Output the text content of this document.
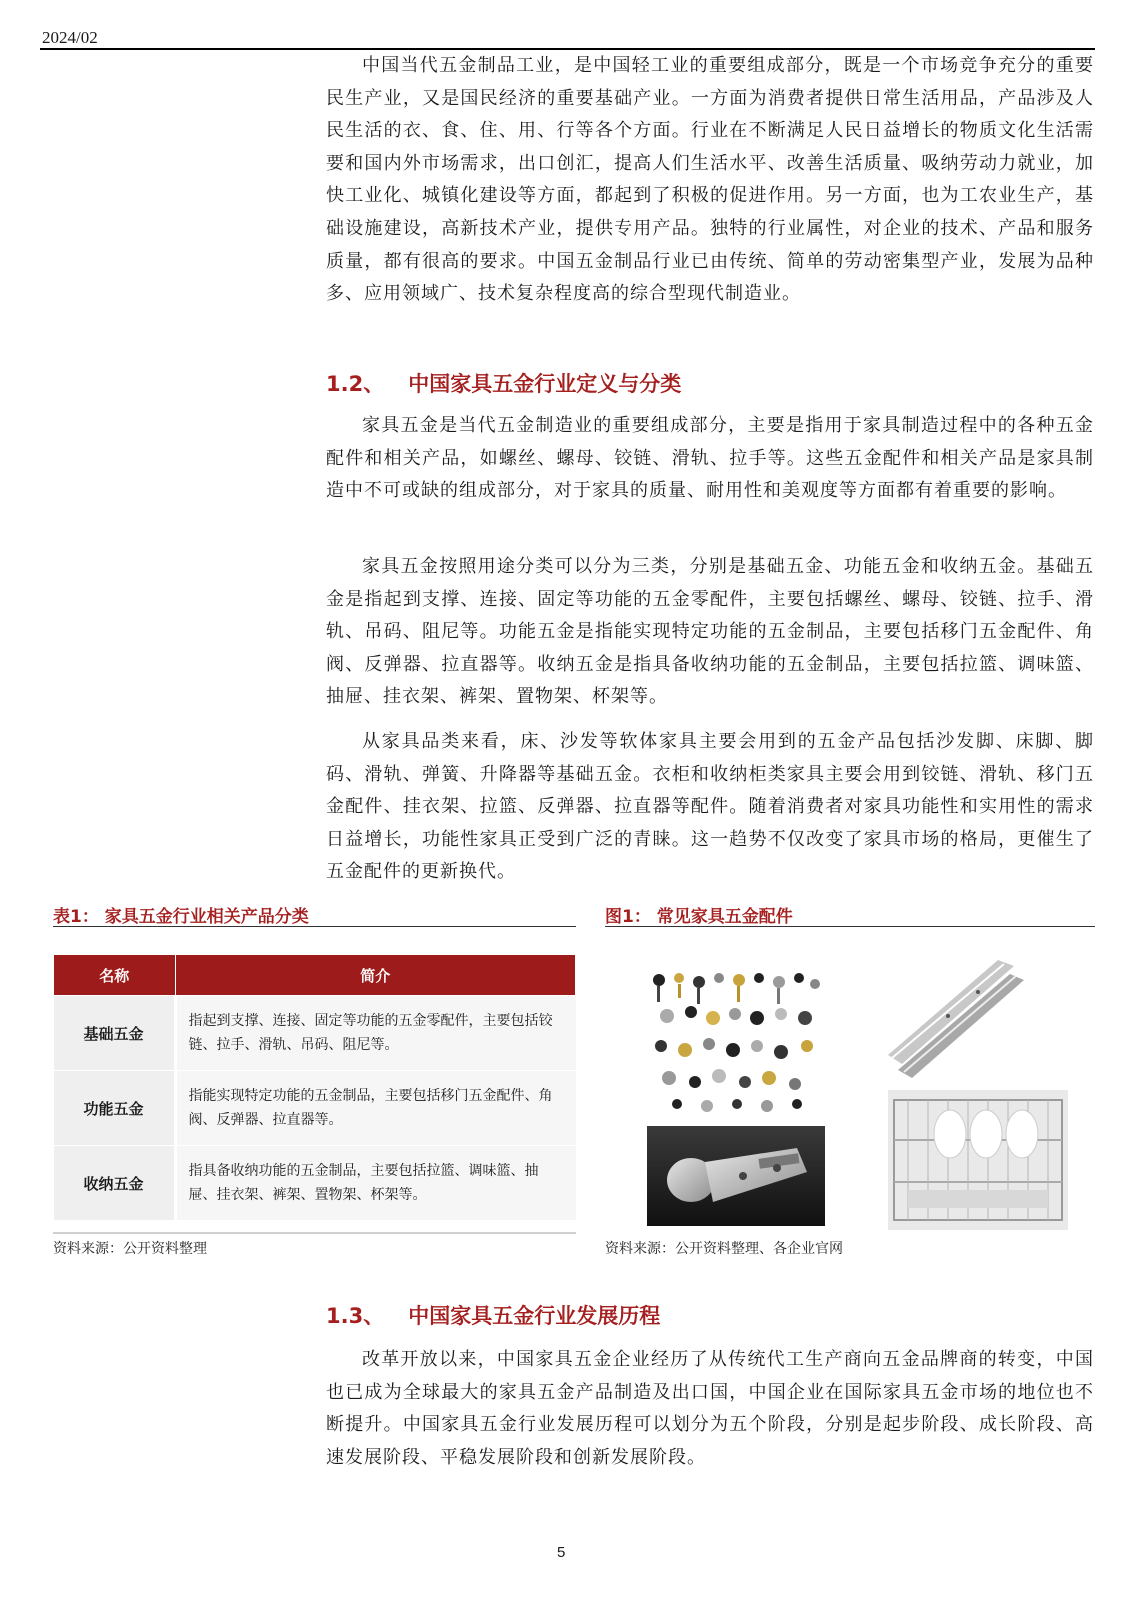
2024/02

中国当代五金制品工业，是中国轻工业的重要组成部分，既是一个市场竞争充分的重要民生产业，又是国民经济的重要基础产业。一方面为消费者提供日常生活用品，产品涉及人民生活的衣、食、住、用、行等各个方面。行业在不断满足人民日益增长的物质文化生活需要和国内外市场需求，出口创汇，提高人们生活水平、改善生活质量、吸纳劳动力就业，加快工业化、城镇化建设等方面，都起到了积极的促进作用。另一方面，也为工农业生产，基础设施建设，高新技术产业，提供专用产品。独特的行业属性，对企业的技术、产品和服务质量，都有很高的要求。中国五金制品行业已由传统、简单的劳动密集型产业，发展为品种多、应用领域广、技术复杂程度高的综合型现代制造业。

1.2、 中国家具五金行业定义与分类

家具五金是当代五金制造业的重要组成部分，主要是指用于家具制造过程中的各种五金配件和相关产品，如螺丝、螺母、铰链、滑轨、拉手等。这些五金配件和相关产品是家具制造中不可或缺的组成部分，对于家具的质量、耐用性和美观度等方面都有着重要的影响。

家具五金按照用途分类可以分为三类，分别是基础五金、功能五金和收纳五金。基础五金是指起到支撑、连接、固定等功能的五金零配件，主要包括螺丝、螺母、铰链、拉手、滑轨、吊码、阻尼等。功能五金是指能实现特定功能的五金制品，主要包括移门五金配件、角阀、反弹器、拉直器等。收纳五金是指具备收纳功能的五金制品，主要包括拉篮、调味篮、抽屉、挂衣架、裤架、置物架、杯架等。

从家具品类来看，床、沙发等软体家具主要会用到的五金产品包括沙发脚、床脚、脚码、滑轨、弹簧、升降器等基础五金。衣柜和收纳柜类家具主要会用到铰链、滑轨、移门五金配件、挂衣架、拉篮、反弹器、拉直器等配件。随着消费者对家具功能性和实用性的需求日益增长，功能性家具正受到广泛的青睐。这一趋势不仅改变了家具市场的格局，更催生了五金配件的更新换代。

表1： 家具五金行业相关产品分类
名称	简介
基础五金	指起到支撑、连接、固定等功能的五金零配件，主要包括铰链、拉手、滑轨、吊码、阻尼等。
功能五金	指能实现特定功能的五金制品，主要包括移门五金配件、角阀、反弹器、拉直器等。
收纳五金	指具备收纳功能的五金制品，主要包括拉篮、调味篮、抽屉、挂衣架、裤架、置物架、杯架等。
资料来源：公开资料整理
图1： 常见家具五金配件
资料来源：公开资料整理、各企业官网
1.3、 中国家具五金行业发展历程

改革开放以来，中国家具五金企业经历了从传统代工生产商向五金品牌商的转变，中国也已成为全球最大的家具五金产品制造及出口国，中国企业在国际家具五金市场的地位也不断提升。中国家具五金行业发展历程可以划分为五个阶段，分别是起步阶段、成长阶段、高速发展阶段、平稳发展阶段和创新发展阶段。

5
